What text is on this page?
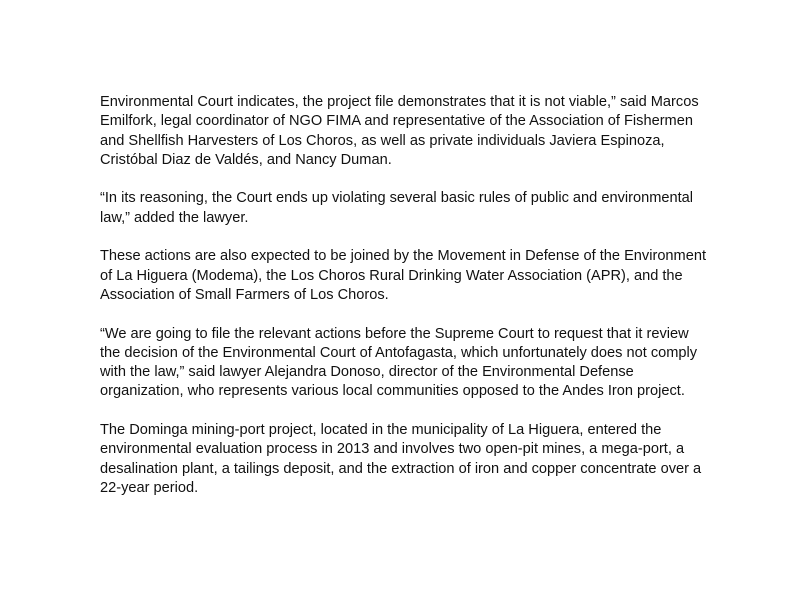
Environmental Court indicates, the project file demonstrates that it is not viable,” said Marcos Emilfork, legal coordinator of NGO FIMA and representative of the Association of Fishermen and Shellfish Harvesters of Los Choros, as well as private individuals Javiera Espinoza, Cristóbal Diaz de Valdés, and Nancy Duman.

“In its reasoning, the Court ends up violating several basic rules of public and environmental law,” added the lawyer.

These actions are also expected to be joined by the Movement in Defense of the Environment of La Higuera (Modema), the Los Choros Rural Drinking Water Association (APR), and the Association of Small Farmers of Los Choros.

“We are going to file the relevant actions before the Supreme Court to request that it review the decision of the Environmental Court of Antofagasta, which unfortunately does not comply with the law,” said lawyer Alejandra Donoso, director of the Environmental Defense organization, who represents various local communities opposed to the Andes Iron project.

The Dominga mining-port project, located in the municipality of La Higuera, entered the environmental evaluation process in 2013 and involves two open-pit mines, a mega-port, a desalination plant, a tailings deposit, and the extraction of iron and copper concentrate over a 22-year period.
